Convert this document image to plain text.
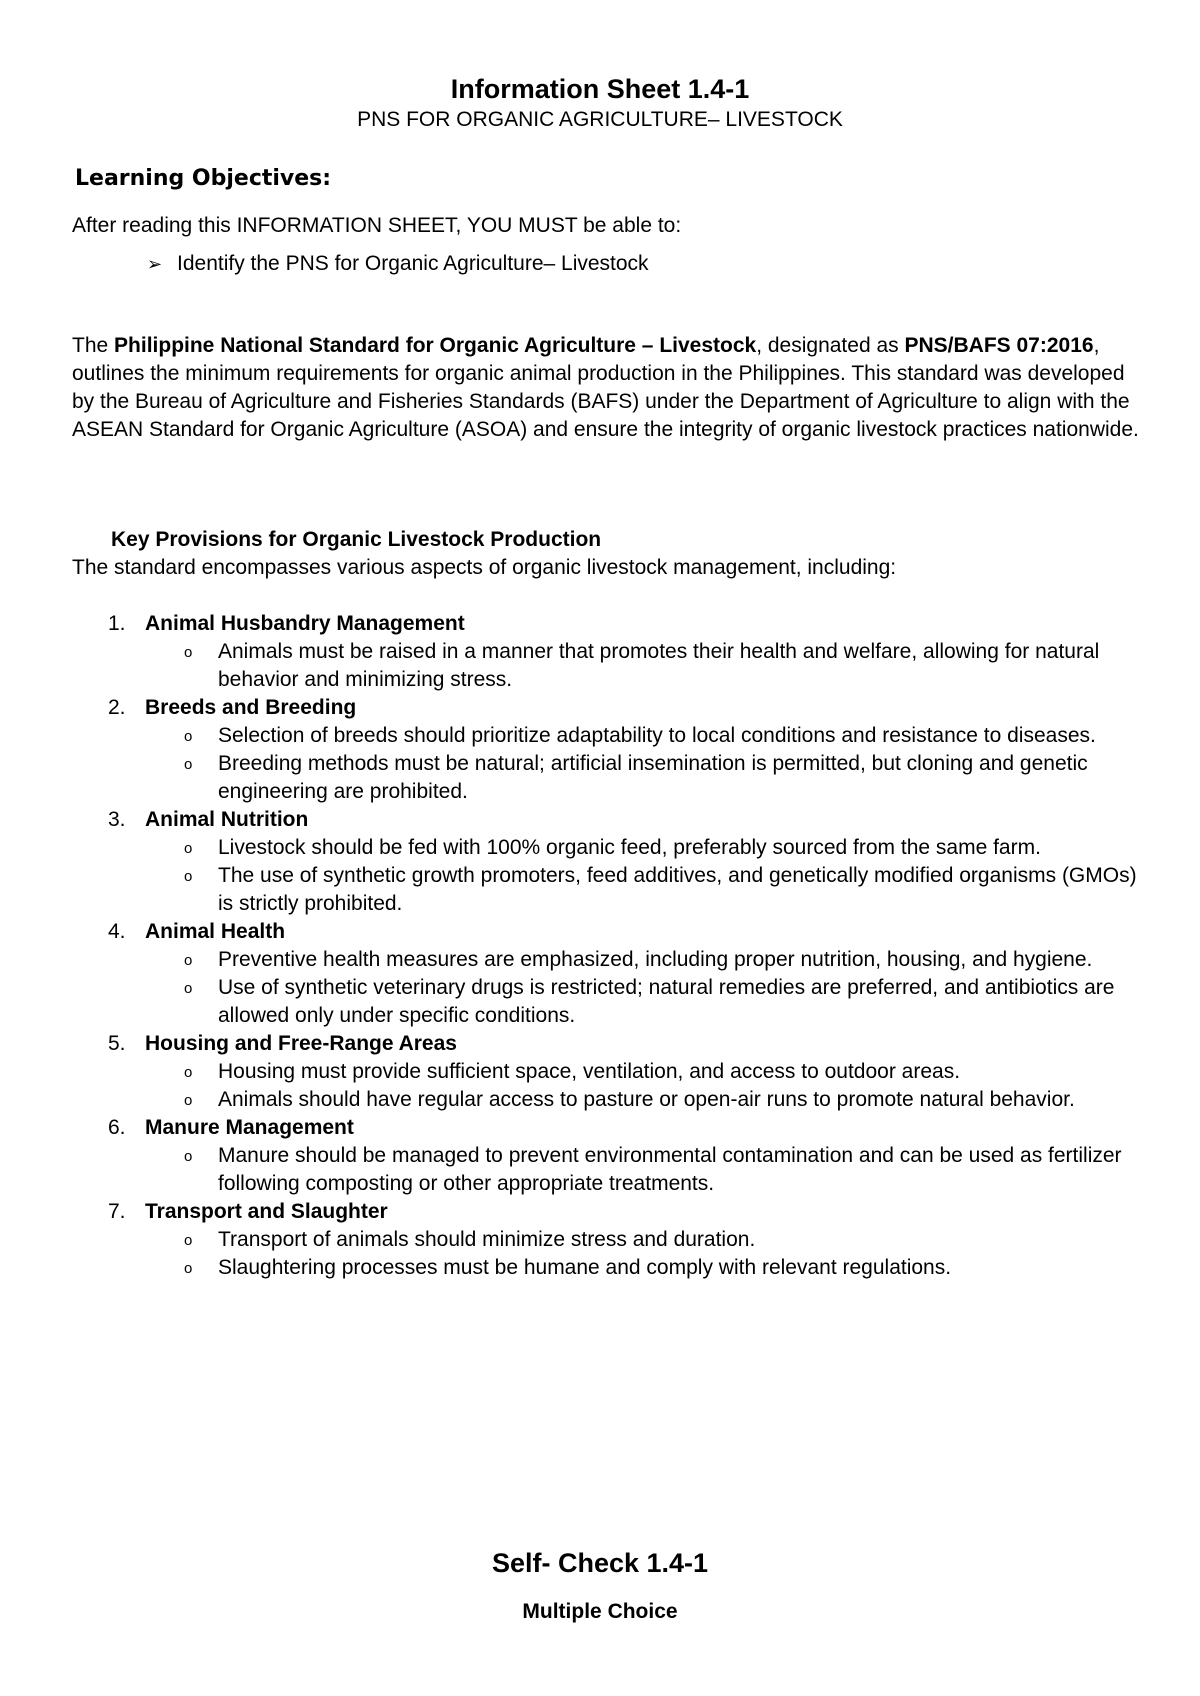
Information Sheet 1.4-1
PNS FOR ORGANIC AGRICULTURE– LIVESTOCK
Learning Objectives:
After reading this INFORMATION SHEET, YOU MUST be able to:
➢ Identify the PNS for Organic Agriculture– Livestock
The Philippine National Standard for Organic Agriculture – Livestock, designated as PNS/BAFS 07:2016, outlines the minimum requirements for organic animal production in the Philippines. This standard was developed by the Bureau of Agriculture and Fisheries Standards (BAFS) under the Department of Agriculture to align with the ASEAN Standard for Organic Agriculture (ASOA) and ensure the integrity of organic livestock practices nationwide.
Key Provisions for Organic Livestock Production
The standard encompasses various aspects of organic livestock management, including:
1. Animal Husbandry Management
o Animals must be raised in a manner that promotes their health and welfare, allowing for natural behavior and minimizing stress.
2. Breeds and Breeding
o Selection of breeds should prioritize adaptability to local conditions and resistance to diseases.
o Breeding methods must be natural; artificial insemination is permitted, but cloning and genetic engineering are prohibited.
3. Animal Nutrition
o Livestock should be fed with 100% organic feed, preferably sourced from the same farm.
o The use of synthetic growth promoters, feed additives, and genetically modified organisms (GMOs) is strictly prohibited.
4. Animal Health
o Preventive health measures are emphasized, including proper nutrition, housing, and hygiene.
o Use of synthetic veterinary drugs is restricted; natural remedies are preferred, and antibiotics are allowed only under specific conditions.
5. Housing and Free-Range Areas
o Housing must provide sufficient space, ventilation, and access to outdoor areas.
o Animals should have regular access to pasture or open-air runs to promote natural behavior.
6. Manure Management
o Manure should be managed to prevent environmental contamination and can be used as fertilizer following composting or other appropriate treatments.
7. Transport and Slaughter
o Transport of animals should minimize stress and duration.
o Slaughtering processes must be humane and comply with relevant regulations.
Self- Check 1.4-1
Multiple Choice
